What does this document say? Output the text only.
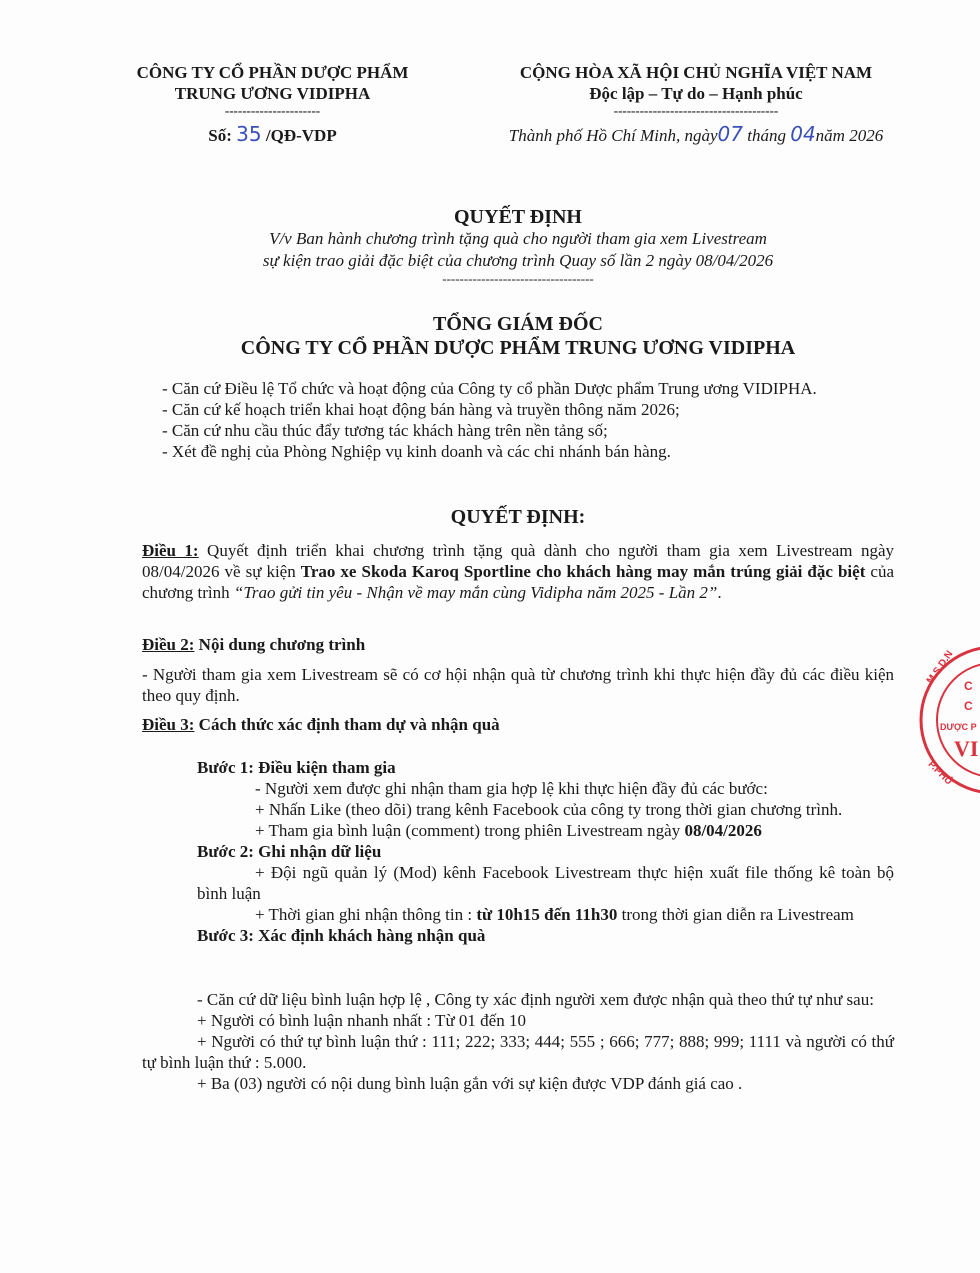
CÔNG TY CỔ PHẦN DƯỢC PHẨM
TRUNG ƯƠNG VIDIPHA
----------------------
Số: 35 /QĐ-VDP
CỘNG HÒA XÃ HỘI CHỦ NGHĨA VIỆT NAM
Độc lập – Tự do – Hạnh phúc
--------------------------------------
Thành phố Hồ Chí Minh, ngày07 tháng 04năm 2026
QUYẾT ĐỊNH
V/v Ban hành chương trình tặng quà cho người tham gia xem Livestream
sự kiện trao giải đặc biệt của chương trình Quay số lần 2 ngày 08/04/2026
-----------------------------------
TỔNG GIÁM ĐỐC
CÔNG TY CỔ PHẦN DƯỢC PHẨM TRUNG ƯƠNG VIDIPHA
- Căn cứ Điều lệ Tổ chức và hoạt động của Công ty cổ phần Dược phẩm Trung ương VIDIPHA.
- Căn cứ kế hoạch triển khai hoạt động bán hàng và truyền thông năm 2026;
- Căn cứ nhu cầu thúc đẩy tương tác khách hàng trên nền tảng số;
- Xét đề nghị của Phòng Nghiệp vụ kinh doanh và các chi nhánh bán hàng.
QUYẾT ĐỊNH:
Điều 1: Quyết định triển khai chương trình tặng quà dành cho người tham gia xem Livestream ngày 08/04/2026 về sự kiện Trao xe Skoda Karoq Sportline cho khách hàng may mắn trúng giải đặc biệt của chương trình “Trao gửi tin yêu - Nhận về may mắn cùng Vidipha năm 2025 - Lần 2”.
Điều 2: Nội dung chương trình
- Người tham gia xem Livestream sẽ có cơ hội nhận quà từ chương trình khi thực hiện đầy đủ các điều kiện theo quy định.
Điều 3: Cách thức xác định tham dự và nhận quà
Bước 1: Điều kiện tham gia
- Người xem được ghi nhận tham gia hợp lệ khi thực hiện đầy đủ các bước:
+ Nhấn Like (theo dõi) trang kênh Facebook của công ty trong thời gian chương trình.
+ Tham gia bình luận (comment) trong phiên Livestream ngày 08/04/2026
Bước 2: Ghi nhận dữ liệu
+ Đội ngũ quản lý (Mod) kênh Facebook Livestream thực hiện xuất file thống kê toàn bộ bình luận
+ Thời gian ghi nhận thông tin : từ 10h15 đến 11h30 trong thời gian diễn ra Livestream
Bước 3: Xác định khách hàng nhận quà
- Căn cứ dữ liệu bình luận hợp lệ , Công ty xác định người xem được nhận quà theo thứ tự như sau:
+ Người có bình luận nhanh nhất : Từ 01 đến 10
+ Người có thứ tự bình luận thứ : 111; 222; 333; 444; 555 ; 666; 777; 888; 999; 1111 và người có thứ tự bình luận thứ : 5.000.
+ Ba (03) người có nội dung bình luận gắn với sự kiện được VDP đánh giá cao .
M.S.D.N C
C
DƯỢC P
VI
P.PHÚ
